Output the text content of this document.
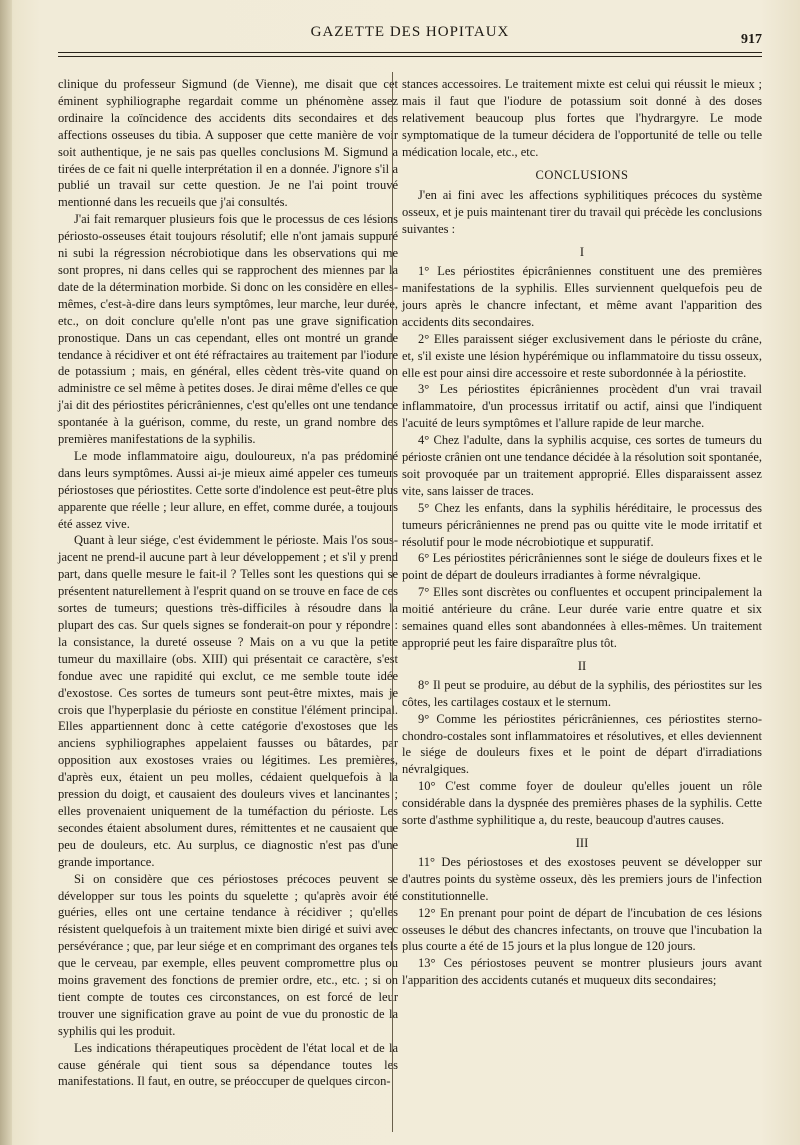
GAZETTE DES HOPITAUX	917

clinique du professeur Sigmund (de Vienne), me disait que cet éminent syphiliographe regardait comme un phénomène assez ordinaire la coïncidence des accidents dits secondaires et des affections osseuses du tibia. A supposer que cette manière de voir soit authentique, je ne sais pas quelles conclusions M. Sigmund a tirées de ce fait ni quelle interprétation il en a donnée. J'ignore s'il a publié un travail sur cette question. Je ne l'ai point trouvé mentionné dans les recueils que j'ai consultés.

J'ai fait remarquer plusieurs fois que le processus de ces lésions périosto-osseuses était toujours résolutif; elle n'ont jamais suppuré ni subi la régression nécrobiotique dans les observations qui me sont propres, ni dans celles qui se rapprochent des miennes par la date de la détermination morbide. Si donc on les considère en elles-mêmes, c'est-à-dire dans leurs symptômes, leur marche, leur durée, etc., on doit conclure qu'elle n'ont pas une grave signification pronostique. Dans un cas cependant, elles ont montré un grande tendance à récidiver et ont été réfractaires au traitement par l'iodure de potassium ; mais, en général, elles cèdent très-vite quand on administre ce sel même à petites doses. Je dirai même d'elles ce que j'ai dit des périostites péricrâniennes, c'est qu'elles ont une tendance spontanée à la guérison, comme, du reste, un grand nombre des premières manifestations de la syphilis.

Le mode inflammatoire aigu, douloureux, n'a pas prédominé dans leurs symptômes. Aussi ai-je mieux aimé appeler ces tumeurs périostoses que périostites. Cette sorte d'indolence est peut-être plus apparente que réelle ; leur allure, en effet, comme durée, a toujours été assez vive.

Quant à leur siége, c'est évidemment le périoste. Mais l'os sous-jacent ne prend-il aucune part à leur développement ; et s'il y prend part, dans quelle mesure le fait-il ? Telles sont les questions qui se présentent naturellement à l'esprit quand on se trouve en face de ces sortes de tumeurs; questions très-difficiles à résoudre dans la plupart des cas. Sur quels signes se fonderait-on pour y répondre : la consistance, la dureté osseuse ? Mais on a vu que la petite tumeur du maxillaire (obs. XIII) qui présentait ce caractère, s'est fondue avec une rapidité qui exclut, ce me semble toute idée d'exostose. Ces sortes de tumeurs sont peut-être mixtes, mais je crois que l'hyperplasie du périoste en constitue l'élément principal. Elles appartiennent donc à cette catégorie d'exostoses que les anciens syphiliographes appelaient fausses ou bâtardes, par opposition aux exostoses vraies ou légitimes. Les premières, d'après eux, étaient un peu molles, cédaient quelquefois à la pression du doigt, et causaient des douleurs vives et lancinantes ; elles provenaient uniquement de la tuméfaction du périoste. Les secondes étaient absolument dures, rémittentes et ne causaient que peu de douleurs, etc. Au surplus, ce diagnostic n'est pas d'une grande importance.

Si on considère que ces périostoses précoces peuvent se développer sur tous les points du squelette ; qu'après avoir été guéries, elles ont une certaine tendance à récidiver ; qu'elles résistent quelquefois à un traitement mixte bien dirigé et suivi avec persévérance ; que, par leur siége et en comprimant des organes tels que le cerveau, par exemple, elles peuvent compromettre plus ou moins gravement des fonctions de premier ordre, etc., etc. ; si on tient compte de toutes ces circonstances, on est forcé de leur trouver une signification grave au point de vue du pronostic de la syphilis qui les produit.

Les indications thérapeutiques procèdent de l'état local et de la cause générale qui tient sous sa dépendance toutes les manifestations. Il faut, en outre, se préoccuper de quelques circon-

stances accessoires. Le traitement mixte est celui qui réussit le mieux ; mais il faut que l'iodure de potassium soit donné à des doses relativement beaucoup plus fortes que l'hydrargyre. Le mode symptomatique de la tumeur décidera de l'opportunité de telle ou telle médication locale, etc., etc.

CONCLUSIONS

J'en ai fini avec les affections syphilitiques précoces du système osseux, et je puis maintenant tirer du travail qui précède les conclusions suivantes :

I

1° Les périostites épicrâniennes constituent une des premières manifestations de la syphilis. Elles surviennent quelquefois peu de jours après le chancre infectant, et même avant l'apparition des accidents dits secondaires.

2° Elles paraissent siéger exclusivement dans le périoste du crâne, et, s'il existe une lésion hypérémique ou inflammatoire du tissu osseux, elle est pour ainsi dire accessoire et reste subordonnée à la périostite.

3° Les périostites épicrâniennes procèdent d'un vrai travail inflammatoire, d'un processus irritatif ou actif, ainsi que l'indiquent l'acuité de leurs symptômes et l'allure rapide de leur marche.

4° Chez l'adulte, dans la syphilis acquise, ces sortes de tumeurs du périoste crânien ont une tendance décidée à la résolution soit spontanée, soit provoquée par un traitement approprié. Elles disparaissent assez vite, sans laisser de traces.

5° Chez les enfants, dans la syphilis héréditaire, le processus des tumeurs péricrâniennes ne prend pas ou quitte vite le mode irritatif et résolutif pour le mode nécrobiotique et suppuratif.

6° Les périostites péricrâniennes sont le siége de douleurs fixes et le point de départ de douleurs irradiantes à forme névralgique.

7° Elles sont discrètes ou confluentes et occupent principalement la moitié antérieure du crâne. Leur durée varie entre quatre et six semaines quand elles sont abandonnées à elles-mêmes. Un traitement approprié peut les faire disparaître plus tôt.

II

8° Il peut se produire, au début de la syphilis, des périostites sur les côtes, les cartilages costaux et le sternum.

9° Comme les périostites péricrâniennes, ces périostites sterno-chondro-costales sont inflammatoires et résolutives, et elles deviennent le siége de douleurs fixes et le point de départ d'irradiations névralgiques.

10° C'est comme foyer de douleur qu'elles jouent un rôle considérable dans la dyspnée des premières phases de la syphilis. Cette sorte d'asthme syphilitique a, du reste, beaucoup d'autres causes.

III

11° Des périostoses et des exostoses peuvent se développer sur d'autres points du système osseux, dès les premiers jours de l'infection constitutionnelle.

12° En prenant pour point de départ de l'incubation de ces lésions osseuses le début des chancres infectants, on trouve que l'incubation la plus courte a été de 15 jours et la plus longue de 120 jours.

13° Ces périostoses peuvent se montrer plusieurs jours avant l'apparition des accidents cutanés et muqueux dits secondaires;
